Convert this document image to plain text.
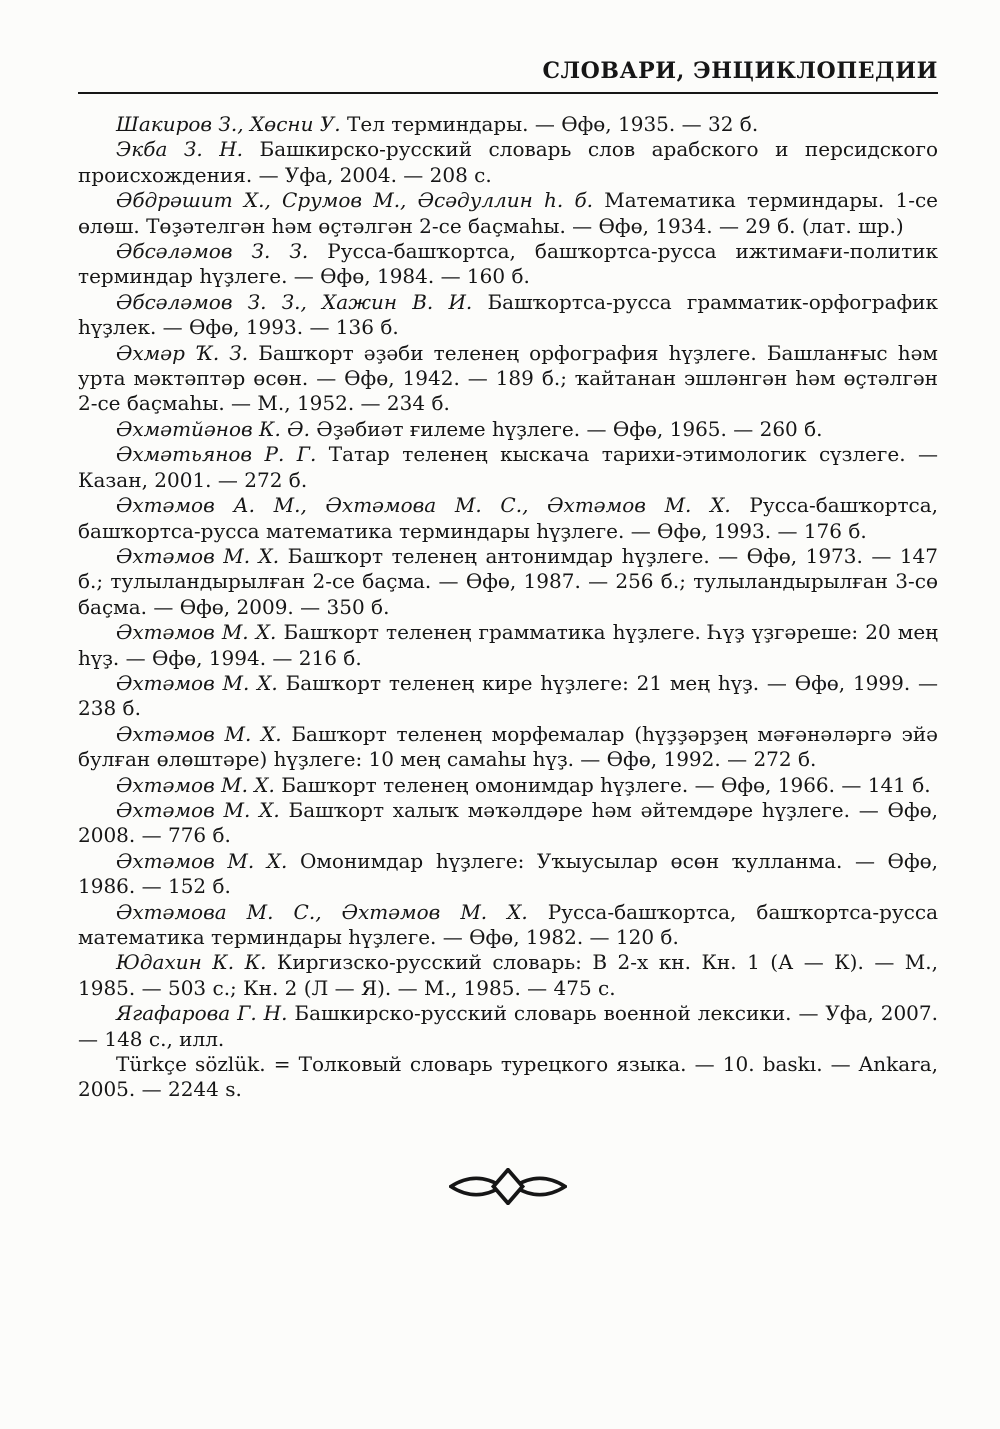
СЛОВАРИ, ЭНЦИКЛОПЕДИИ

Шакиров З., Хөсни У. Тел терминдары. — Өфө, 1935. — 32 б.

Экба З. Н. Башкирско-русский словарь слов арабского и персидского происхождения. — Уфа, 2004. — 208 с.

Әбдрәшит Х., Срумов М., Әсәдуллин һ. б. Математика терминдары. 1-се өлөш. Төҙәтелгән һәм өҫтәлгән 2-се баҫмаһы. — Өфө, 1934. — 29 б. (лат. шр.)

Әбсәләмов З. З. Русса-башҡортса, башҡортса-русса ижтимағи-политик терминдар һүҙлеге. — Өфө, 1984. — 160 б.

Әбсәләмов З. З., Хажин В. И. Башҡортса-русса грамматик-орфографик һүҙлек. — Өфө, 1993. — 136 б.

Әхмәр Ҡ. З. Башҡорт әҙәби теленең орфография һүҙлеге. Башланғыс һәм урта мәктәптәр өсөн. — Өфө, 1942. — 189 б.; ҡайтанан эшләнгән һәм өҫтәлгән 2-се баҫмаһы. — М., 1952. — 234 б.

Әхмәтйәнов К. Ә. Әҙәбиәт ғилеме һүҙлеге. — Өфө, 1965. — 260 б.

Әхмәтьянов Р. Г. Татар теленең кыскача тарихи-этимологик сүзлеге. — Казан, 2001. — 272 б.

Әхтәмов А. М., Әхтәмова М. С., Әхтәмов М. Х. Русса-башҡортса, башҡортса-русса математика терминдары һүҙлеге. — Өфө, 1993. — 176 б.

Әхтәмов М. Х. Башҡорт теленең антонимдар һүҙлеге. — Өфө, 1973. — 147 б.; тулыландырылған 2-се баҫма. — Өфө, 1987. — 256 б.; тулыландырылған 3-сө баҫма. — Өфө, 2009. — 350 б.

Әхтәмов М. Х. Башҡорт теленең грамматика һүҙлеге. Һүҙ үҙгәреше: 20 мең һүҙ. — Өфө, 1994. — 216 б.

Әхтәмов М. Х. Башҡорт теленең кире һүҙлеге: 21 мең һүҙ. — Өфө, 1999. — 238 б.

Әхтәмов М. Х. Башҡорт теленең морфемалар (һүҙҙәрҙең мәғәнәләргә эйә булған өлөштәре) һүҙлеге: 10 мең самаһы һүҙ. — Өфө, 1992. — 272 б.

Әхтәмов М. Х. Башҡорт теленең омонимдар һүҙлеге. — Өфө, 1966. — 141 б.

Әхтәмов М. Х. Башҡорт халыҡ мәҡәлдәре һәм әйтемдәре һүҙлеге. — Өфө, 2008. — 776 б.

Әхтәмов М. Х. Омонимдар һүҙлеге: Уҡыусылар өсөн ҡулланма. — Өфө, 1986. — 152 б.

Әхтәмова М. С., Әхтәмов М. Х. Русса-башҡортса, башҡортса-русса математика терминдары һүҙлеге. — Өфө, 1982. — 120 б.

Юдахин К. К. Киргизско-русский словарь: В 2-х кн. Кн. 1 (А — К). — М., 1985. — 503 с.; Кн. 2 (Л — Я). — М., 1985. — 475 с.

Ягафарова Г. Н. Башкирско-русский словарь военной лексики. — Уфа, 2007. — 148 с., илл.

Türkçe sözlük. = Толковый словарь турецкого языка. — 10. baskı. — Ankara, 2005. — 2244 s.
